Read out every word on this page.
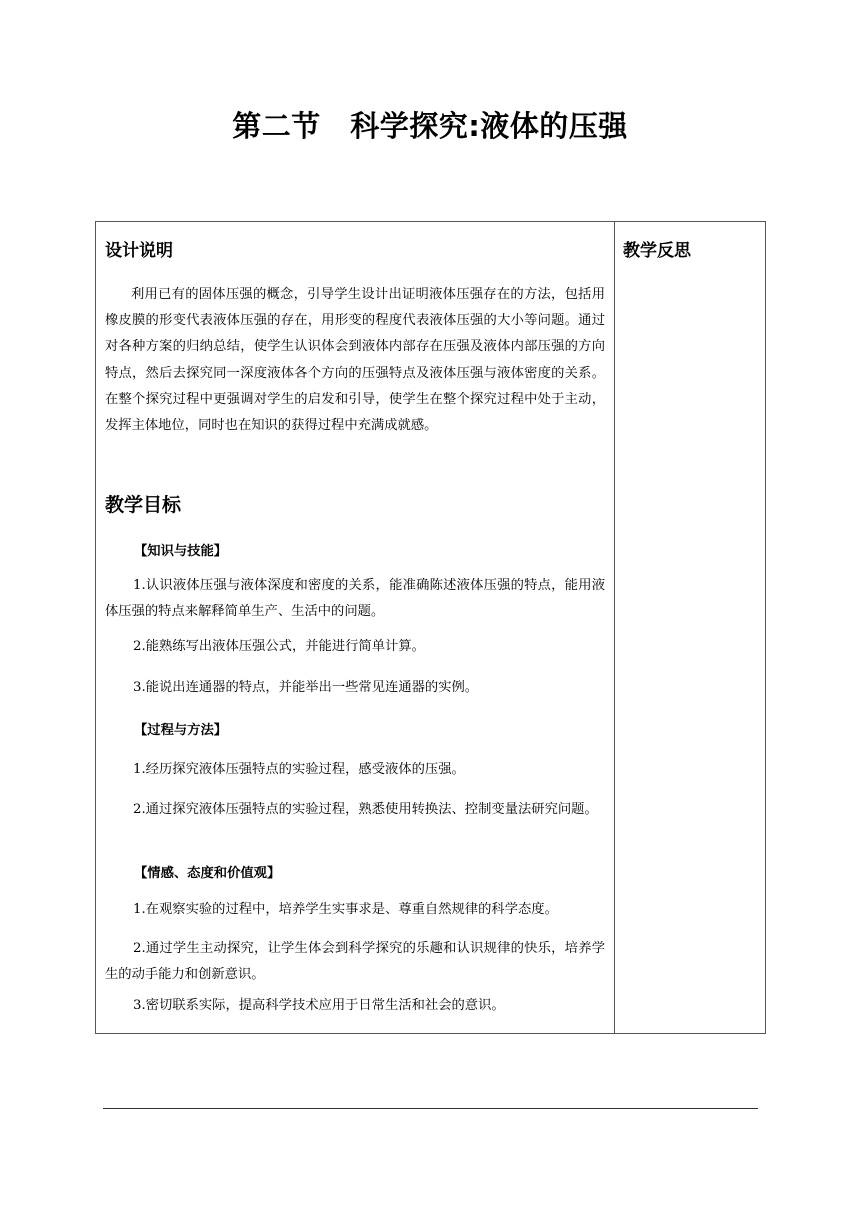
第二节　科学探究:液体的压强
设计说明
利用已有的固体压强的概念，引导学生设计出证明液体压强存在的方法，包括用橡皮膜的形变代表液体压强的存在，用形变的程度代表液体压强的大小等问题。通过对各种方案的归纳总结，使学生认识体会到液体内部存在压强及液体内部压强的方向特点，然后去探究同一深度液体各个方向的压强特点及液体压强与液体密度的关系。在整个探究过程中更强调对学生的启发和引导，使学生在整个探究过程中处于主动，发挥主体地位，同时也在知识的获得过程中充满成就感。
教学目标
【知识与技能】
1.认识液体压强与液体深度和密度的关系，能准确陈述液体压强的特点，能用液体压强的特点来解释简单生产、生活中的问题。
2.能熟练写出液体压强公式，并能进行简单计算。
3.能说出连通器的特点，并能举出一些常见连通器的实例。
【过程与方法】
1.经历探究液体压强特点的实验过程，感受液体的压强。
2.通过探究液体压强特点的实验过程，熟悉使用转换法、控制变量法研究问题。
【情感、态度和价值观】
1.在观察实验的过程中，培养学生实事求是、尊重自然规律的科学态度。
2.通过学生主动探究，让学生体会到科学探究的乐趣和认识规律的快乐，培养学生的动手能力和创新意识。
3.密切联系实际，提高科学技术应用于日常生活和社会的意识。
教学反思
